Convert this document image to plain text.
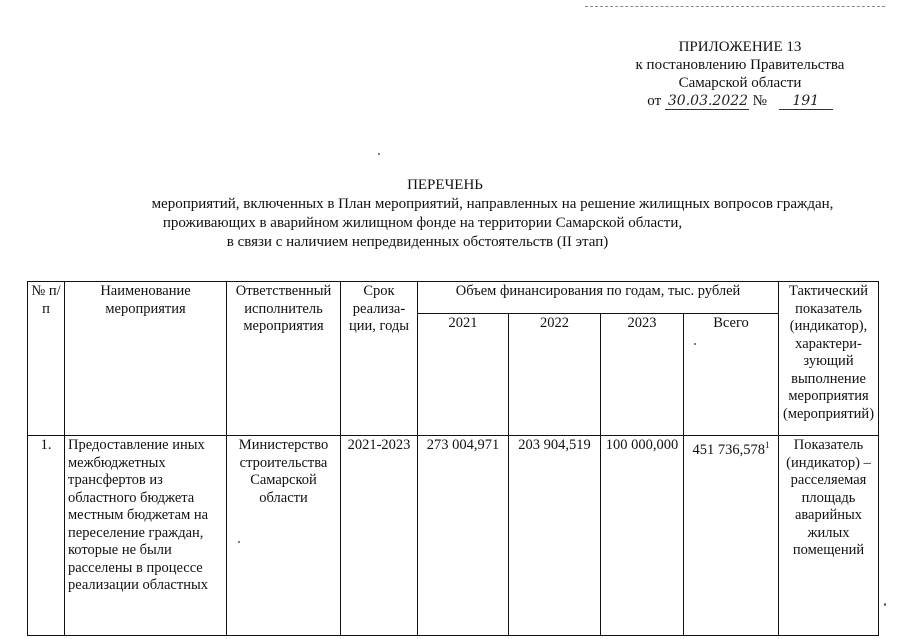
ПРИЛОЖЕНИЕ 13
к постановлению Правительства
Самарской области
от 30.03.2022 № 191
ПЕРЕЧЕНЬ
мероприятий, включенных в План мероприятий, направленных на решение жилищных вопросов граждан,
проживающих в аварийном жилищном фонде на территории Самарской области,
в связи с наличием непредвиденных обстоятельств (II этап)
№ п/п	Наименование мероприятия	Ответственный исполнитель мероприятия	Срок реализа-ции, годы	Объем финансирования по годам, тыс. рублей				Тактический показатель (индикатор), характери-зующий выполнение мероприятия (мероприятий)
				2021	2022	2023	Всего	
1.	Предоставление иных межбюджетных трансфертов из областного бюджета местным бюджетам на переселение граждан, которые не были расселены в процессе реализации областных	Министерство строительства Самарской области	2021-2023	273 004,971	203 904,519	100 000,000	451 736,578$^1$	Показатель (индикатор) – расселяемая площадь аварийных жилых помещений
